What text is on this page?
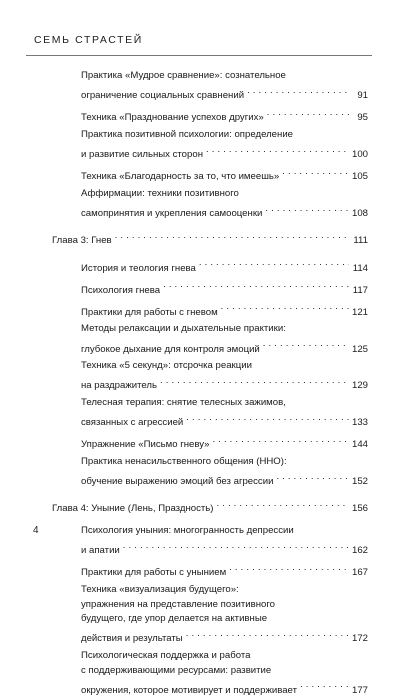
СЕМЬ СТРАСТЕЙ
Практика «Мудрое сравнение»: сознательное
ограничение социальных сравнений . . .	91
Техника «Празднование успехов других» . . .	95
Практика позитивной психологии: определение
и развитие сильных сторон . . .	100
Техника «Благодарность за то, что имеешь» . . .	105
Аффирмации: техники позитивного
самопринятия и укрепления самооценки . . .	108
Глава 3: Гнев . . .	111
История и теология гнева . . .	114
Психология гнева . . .	117
Практики для работы с гневом . . .	121
Методы релаксации и дыхательные практики:
глубокое дыхание для контроля эмоций . . .	125
Техника «5 секунд»: отсрочка реакции
на раздражитель . . .	129
Телесная терапия: снятие телесных зажимов,
связанных с агрессией . . .	133
Упражнение «Письмо гневу» . . .	144
Практика ненасильственного общения (ННО):
обучение выражению эмоций без агрессии . . .	152
Глава 4: Уныние (Лень, Праздность) . . .	156
Психология уныния: многогранность депрессии
и апатии . . .	162
Практики для работы с унынием . . .	167
Техника «визуализация будущего»:
упражнения на представление позитивного
будущего, где упор делается на активные
действия и результаты . . .	172
Психологическая поддержка и работа
с поддерживающими ресурсами: развитие
окружения, которое мотивирует и поддерживает . . .	177
4
